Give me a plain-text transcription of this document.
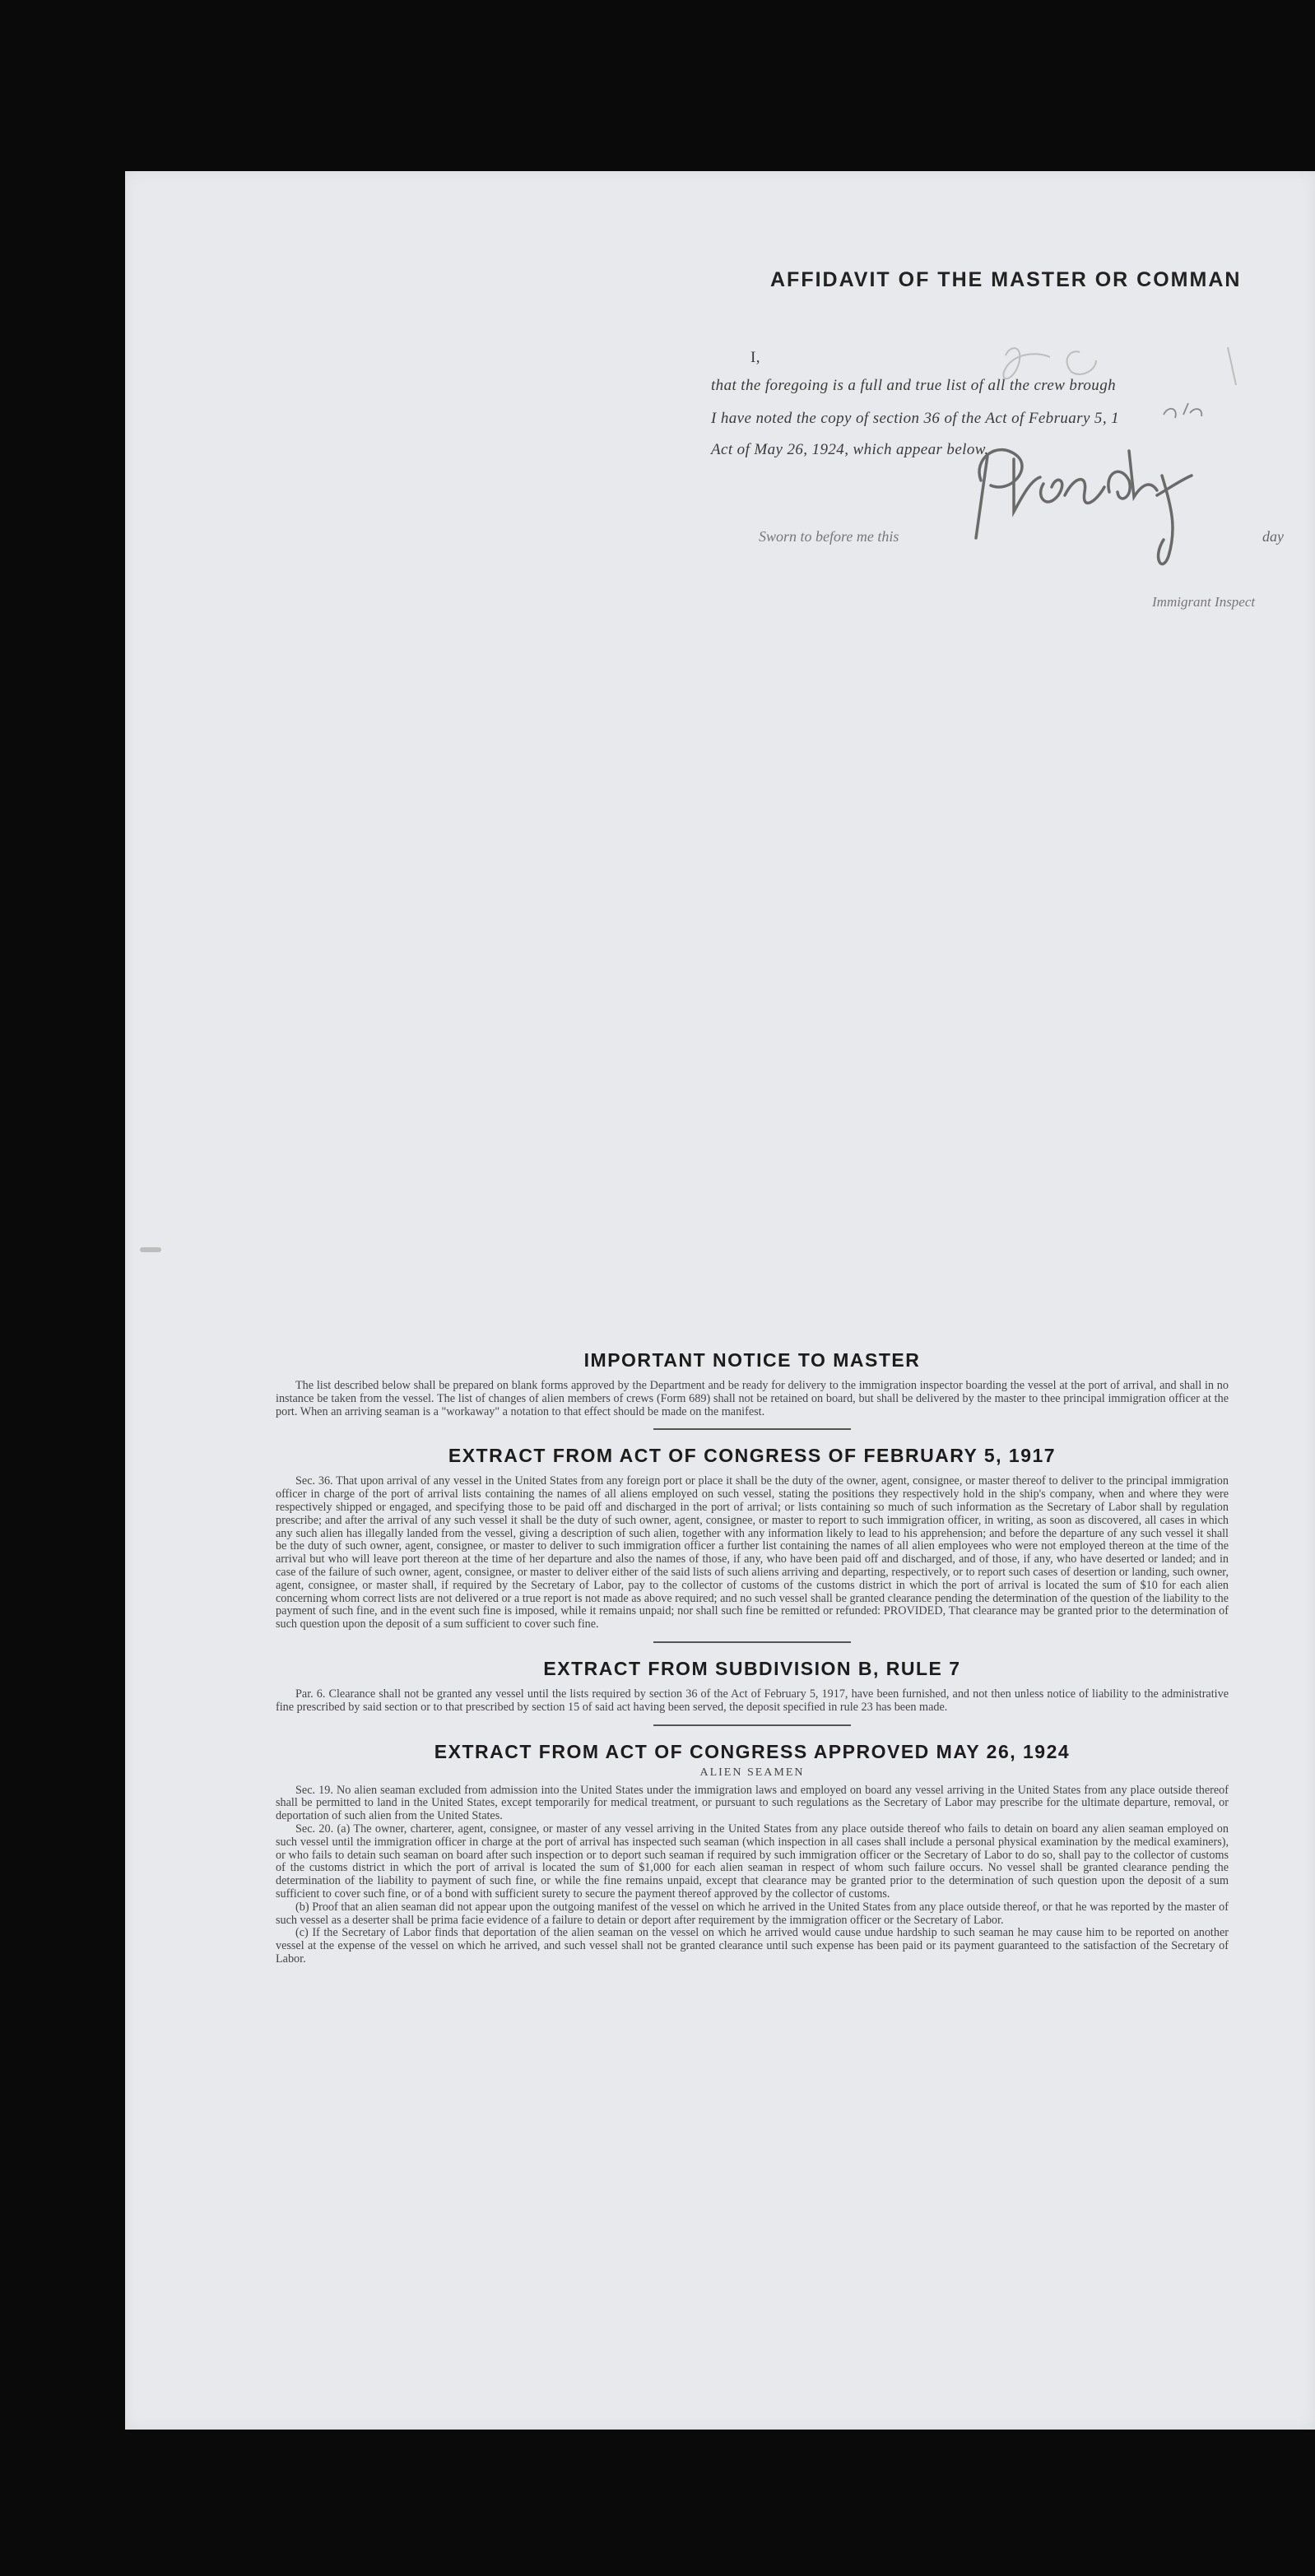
AFFIDAVIT OF THE MASTER OR COMMAN
I,
that the foregoing is a full and true list of all the crew brough
I have noted the copy of section 36 of the Act of February 5, 1
Act of May 26, 1924, which appear below.
Sworn to before me this	day
Immigrant Inspect
IMPORTANT NOTICE TO MASTER

The list described below shall be prepared on blank forms approved by the Department and be ready for delivery to the immigration inspector boarding the vessel at the port of arrival, and shall in no instance be taken from the vessel. The list of changes of alien members of crews (Form 689) shall not be retained on board, but shall be delivered by the master to thee principal immigration officer at the port. When an arriving seaman is a "workaway" a notation to that effect should be made on the manifest.

EXTRACT FROM ACT OF CONGRESS OF FEBRUARY 5, 1917

Sec. 36. That upon arrival of any vessel in the United States from any foreign port or place it shall be the duty of the owner, agent, consignee, or master thereof to deliver to the principal immigration officer in charge of the port of arrival lists containing the names of all aliens employed on such vessel, stating the positions they respectively hold in the ship's company, when and where they were respectively shipped or engaged, and specifying those to be paid off and discharged in the port of arrival; or lists containing so much of such information as the Secretary of Labor shall by regulation prescribe; and after the arrival of any such vessel it shall be the duty of such owner, agent, consignee, or master to report to such immigration officer, in writing, as soon as discovered, all cases in which any such alien has illegally landed from the vessel, giving a description of such alien, together with any information likely to lead to his apprehension; and before the departure of any such vessel it shall be the duty of such owner, agent, consignee, or master to deliver to such immigration officer a further list containing the names of all alien employees who were not employed thereon at the time of the arrival but who will leave port thereon at the time of her departure and also the names of those, if any, who have been paid off and discharged, and of those, if any, who have deserted or landed; and in case of the failure of such owner, agent, consignee, or master to deliver either of the said lists of such aliens arriving and departing, respectively, or to report such cases of desertion or landing, such owner, agent, consignee, or master shall, if required by the Secretary of Labor, pay to the collector of customs of the customs district in which the port of arrival is located the sum of $10 for each alien concerning whom correct lists are not delivered or a true report is not made as above required; and no such vessel shall be granted clearance pending the determination of the question of the liability to the payment of such fine, and in the event such fine is imposed, while it remains unpaid; nor shall such fine be remitted or refunded: PROVIDED, That clearance may be granted prior to the determination of such question upon the deposit of a sum sufficient to cover such fine.

EXTRACT FROM SUBDIVISION B, RULE 7

Par. 6. Clearance shall not be granted any vessel until the lists required by section 36 of the Act of February 5, 1917, have been furnished, and not then unless notice of liability to the administrative fine prescribed by said section or to that prescribed by section 15 of said act having been served, the deposit specified in rule 23 has been made.

EXTRACT FROM ACT OF CONGRESS APPROVED MAY 26, 1924
ALIEN SEAMEN

Sec. 19. No alien seaman excluded from admission into the United States under the immigration laws and employed on board any vessel arriving in the United States from any place outside thereof shall be permitted to land in the United States, except temporarily for medical treatment, or pursuant to such regulations as the Secretary of Labor may prescribe for the ultimate departure, removal, or deportation of such alien from the United States.

Sec. 20. (a) The owner, charterer, agent, consignee, or master of any vessel arriving in the United States from any place outside thereof who fails to detain on board any alien seaman employed on such vessel until the immigration officer in charge at the port of arrival has inspected such seaman (which inspection in all cases shall include a personal physical examination by the medical examiners), or who fails to detain such seaman on board after such inspection or to deport such seaman if required by such immigration officer or the Secretary of Labor to do so, shall pay to the collector of customs of the customs district in which the port of arrival is located the sum of $1,000 for each alien seaman in respect of whom such failure occurs. No vessel shall be granted clearance pending the determination of the liability to payment of such fine, or while the fine remains unpaid, except that clearance may be granted prior to the determination of such question upon the deposit of a sum sufficient to cover such fine, or of a bond with sufficient surety to secure the payment thereof approved by the collector of customs.

(b) Proof that an alien seaman did not appear upon the outgoing manifest of the vessel on which he arrived in the United States from any place outside thereof, or that he was reported by the master of such vessel as a deserter shall be prima facie evidence of a failure to detain or deport after requirement by the immigration officer or the Secretary of Labor.

(c) If the Secretary of Labor finds that deportation of the alien seaman on the vessel on which he arrived would cause undue hardship to such seaman he may cause him to be reported on another vessel at the expense of the vessel on which he arrived, and such vessel shall not be granted clearance until such expense has been paid or its payment guaranteed to the satisfaction of the Secretary of Labor.
